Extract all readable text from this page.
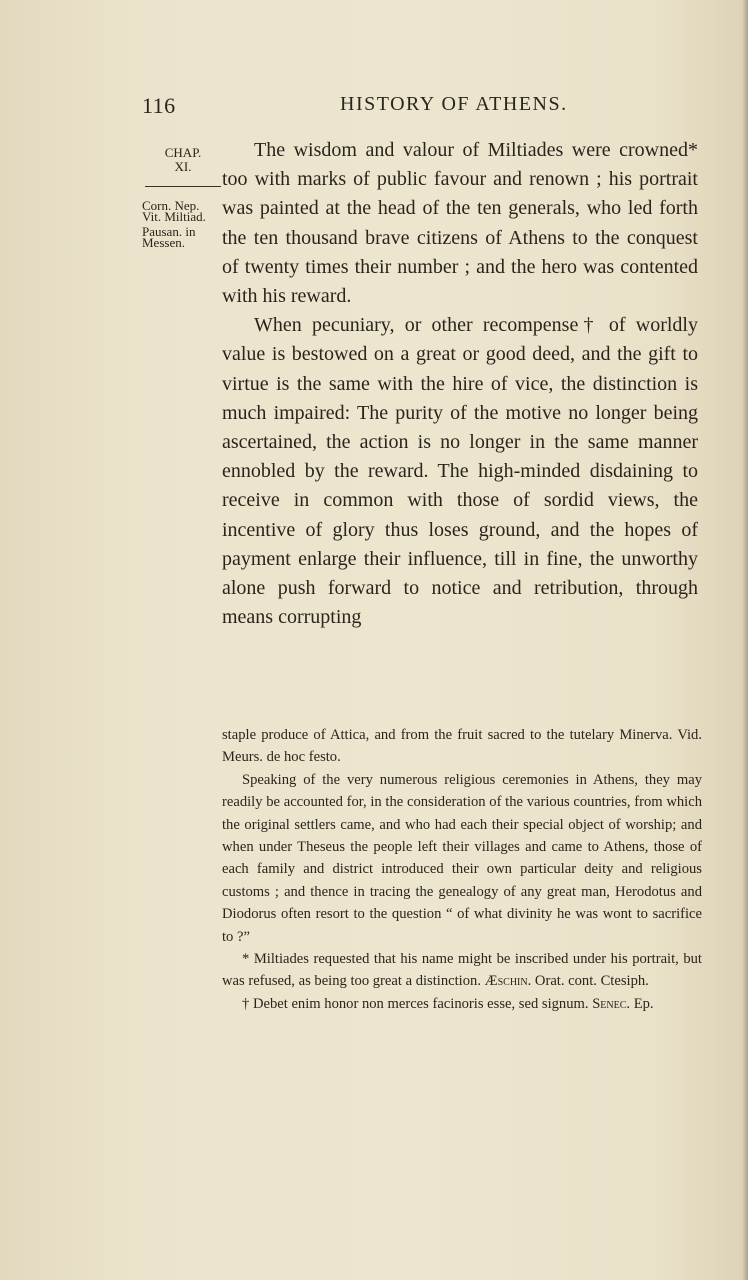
116	HISTORY OF ATHENS.
CHAP.
XI.
Corn. Nep.
Vit. Miltiad.
Pausan. in
Messen.

The wisdom and valour of Miltiades were crowned* too with marks of public favour and renown ; his portrait was painted at the head of the ten generals, who led forth the ten thousand brave citizens of Athens to the conquest of twenty times their number ; and the hero was contented with his reward.

When pecuniary, or other recompense† of worldly value is bestowed on a great or good deed, and the gift to virtue is the same with the hire of vice, the distinction is much impaired: The purity of the motive no longer being ascertained, the action is no longer in the same manner ennobled by the reward. The high-minded disdaining to receive in common with those of sordid views, the incentive of glory thus loses ground, and the hopes of payment enlarge their influence, till in fine, the unworthy alone push forward to notice and retribution, through means corrupting

staple produce of Attica, and from the fruit sacred to the tutelary Minerva. Vid. Meurs. de hoc festo.

Speaking of the very numerous religious ceremonies in Athens, they may readily be accounted for, in the consideration of the various countries, from which the original settlers came, and who had each their special object of worship; and when under Theseus the people left their villages and came to Athens, those of each family and district introduced their own particular deity and religious customs ; and thence in tracing the genealogy of any great man, Herodotus and Diodorus often resort to the question “ of what divinity he was wont to sacrifice to ?”

* Miltiades requested that his name might be inscribed under his portrait, but was refused, as being too great a distinction. Æschin. Orat. cont. Ctesiph.

† Debet enim honor non merces facinoris esse, sed signum. Senec. Ep.
